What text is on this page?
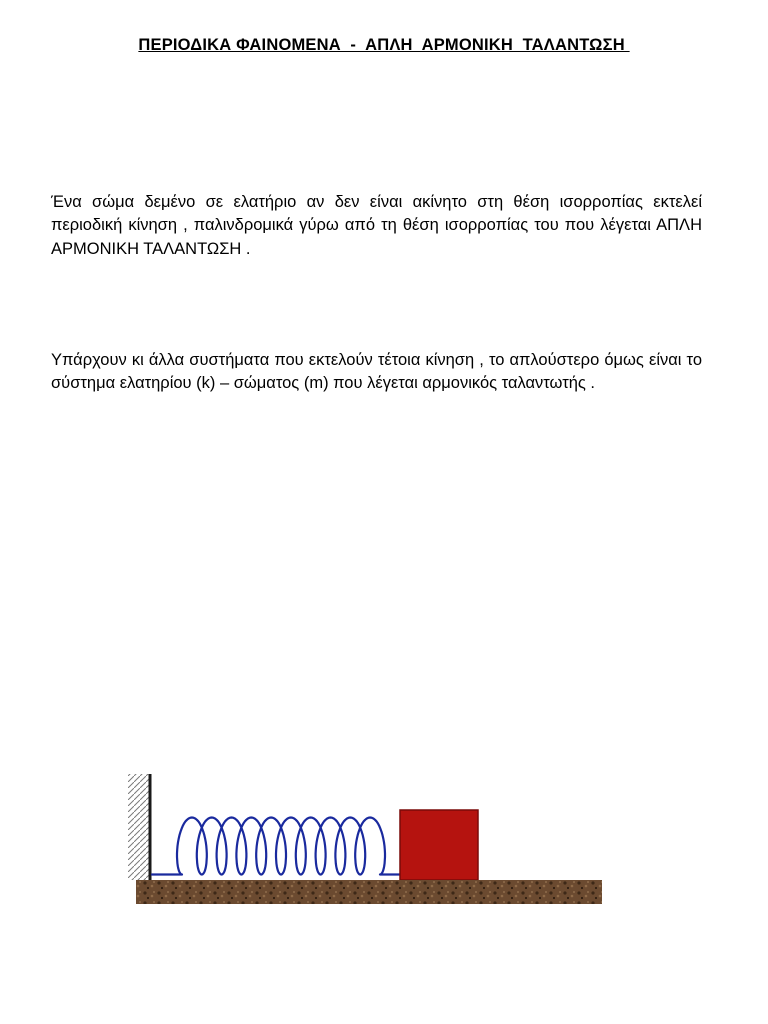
ΠΕΡΙΟΔΙΚΑ ΦΑΙΝΟΜΕΝΑ  -  ΑΠΛΗ  ΑΡΜΟΝΙΚΗ  ΤΑΛΑΝΤΩΣΗ

Ένα σώμα δεμένο σε ελατήριο αν δεν είναι ακίνητο στη θέση ισορροπίας εκτελεί περιοδική κίνηση , παλινδρομικά γύρω από τη θέση ισορροπίας του που λέγεται ΑΠΛΗ  ΑΡΜΟΝΙΚΗ ΤΑΛΑΝΤΩΣΗ .

Υπάρχουν κι άλλα συστήματα που εκτελούν τέτοια κίνηση , το απλούστερο όμως είναι το σύστημα ελατηρίου (k) – σώματος (m) που λέγεται αρμονικός ταλαντωτής .
